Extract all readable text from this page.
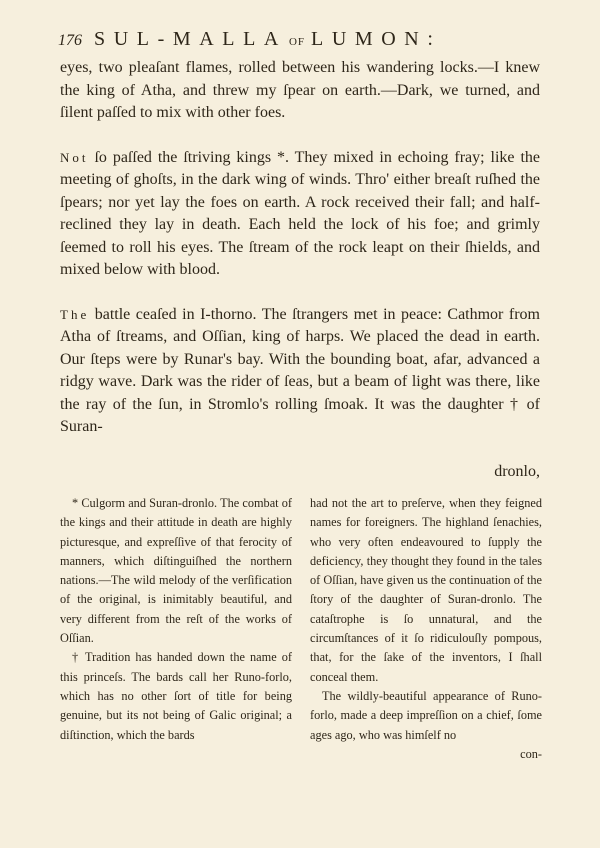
176 SUL-MALLA OF LUMON:

eyes, two pleaſant flames, rolled between his wandering locks.—I knew the king of Atha, and threw my ſpear on earth.—Dark, we turned, and ſilent paſſed to mix with other foes.

Not ſo paſſed the ſtriving kings *. They mixed in echoing fray; like the meeting of ghoſts, in the dark wing of winds. Thro' either breaſt ruſhed the ſpears; nor yet lay the foes on earth. A rock received their fall; and half-reclined they lay in death. Each held the lock of his foe; and grimly ſeemed to roll his eyes. The ſtream of the rock leapt on their ſhields, and mixed below with blood.

The battle ceaſed in I-thorno. The ſtrangers met in peace: Cathmor from Atha of ſtreams, and Oſſian, king of harps. We placed the dead in earth. Our ſteps were by Runar's bay. With the bounding boat, afar, advanced a ridgy wave. Dark was the rider of ſeas, but a beam of light was there, like the ray of the ſun, in Stromlo's rolling ſmoak. It was the daughter † of Suran-

dronlo,

* Culgorm and Suran-dronlo. The combat of the kings and their attitude in death are highly picturesque, and expreſſive of that ferocity of manners, which diſtinguiſhed the northern nations.—The wild melody of the verſification of the original, is inimitably beautiful, and very different from the reſt of the works of Oſſian.

† Tradition has handed down the name of this princeſs. The bards call her Runo-forlo, which has no other ſort of title for being genuine, but its not being of Galic original; a diſtinction, which the bards

had not the art to preſerve, when they feigned names for foreigners. The highland ſenachies, who very often endeavoured to ſupply the deficiency, they thought they found in the tales of Oſſian, have given us the continuation of the ſtory of the daughter of Suran-dronlo. The cataſtrophe is ſo unnatural, and the circumſtances of it ſo ridiculouſly pompous, that, for the ſake of the inventors, I ſhall conceal them.

The wildly-beautiful appearance of Runo-forlo, made a deep impreſſion on a chief, ſome ages ago, who was himſelf no

con-
